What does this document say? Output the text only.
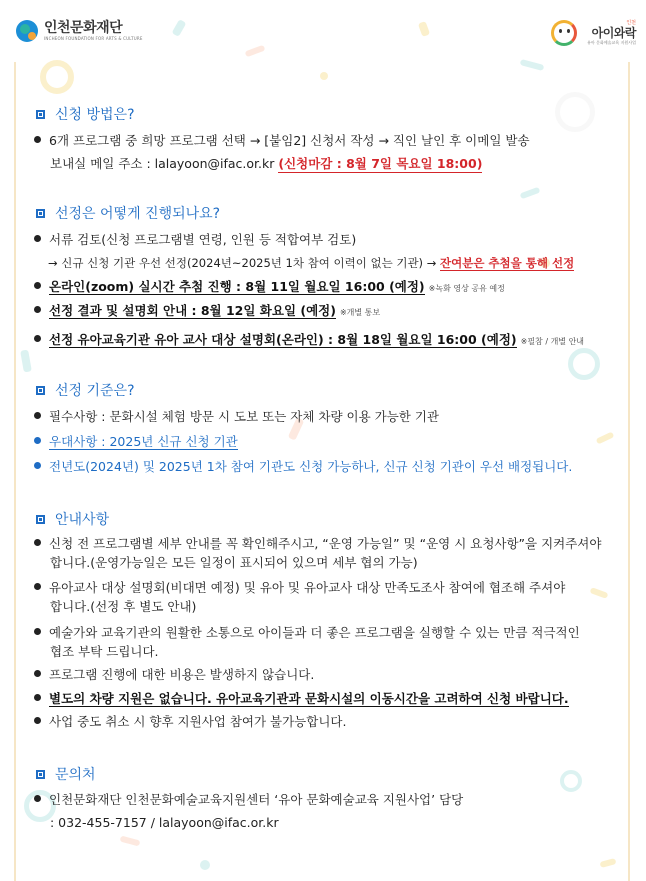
인천문화재단
INCHEON FOUNDATION FOR ARTS & CULTURE
인천
아이와락
유아 문화예술교육 지원사업
신청 방법은?
6개 프로그램 중 희망 프로그램 선택 → [붙임2] 신청서 작성 → 직인 날인 후 이메일 발송
보내실 메일 주소 : lalayoon@ifac.or.kr (신청마감 : 8월 7일 목요일 18:00)
선정은 어떻게 진행되나요?
서류 검토(신청 프로그램별 연령, 인원 등 적합여부 검토)
→ 신규 신청 기관 우선 선정(2024년~2025년 1차 참여 이력이 없는 기관) → 잔여분은 추첨을 통해 선정
온라인(zoom) 실시간 추첨 진행 : 8월 11일 월요일 16:00 (예정) ※녹화 영상 공유 예정
선정 결과 및 설명회 안내 : 8월 12일 화요일 (예정) ※개별 통보
선정 유아교육기관 유아 교사 대상 설명회(온라인) : 8월 18일 월요일 16:00 (예정) ※필참 / 개별 안내
선정 기준은?
필수사항 : 문화시설 체험 방문 시 도보 또는 자체 차량 이용 가능한 기관
우대사항 : 2025년 신규 신청 기관
전년도(2024년) 및 2025년 1차 참여 기관도 신청 가능하나, 신규 신청 기관이 우선 배정됩니다.
안내사항
신청 전 프로그램별 세부 안내를 꼭 확인해주시고, “운영 가능일” 및 “운영 시 요청사항”을 지켜주셔야
합니다.(운영가능일은 모든 일정이 표시되어 있으며 세부 협의 가능)
유아교사 대상 설명회(비대면 예정) 및 유아 및 유아교사 대상 만족도조사 참여에 협조해 주셔야
합니다.(선정 후 별도 안내)
예술가와 교육기관의 원활한 소통으로 아이들과 더 좋은 프로그램을 실행할 수 있는 만큼 적극적인
협조 부탁 드립니다.
프로그램 진행에 대한 비용은 발생하지 않습니다.
별도의 차량 지원은 없습니다. 유아교육기관과 문화시설의 이동시간을 고려하여 신청 바랍니다.
사업 중도 취소 시 향후 지원사업 참여가 불가능합니다.
문의처
인천문화재단 인천문화예술교육지원센터 ‘유아 문화예술교육 지원사업’ 담당
: 032-455-7157 / lalayoon@ifac.or.kr
